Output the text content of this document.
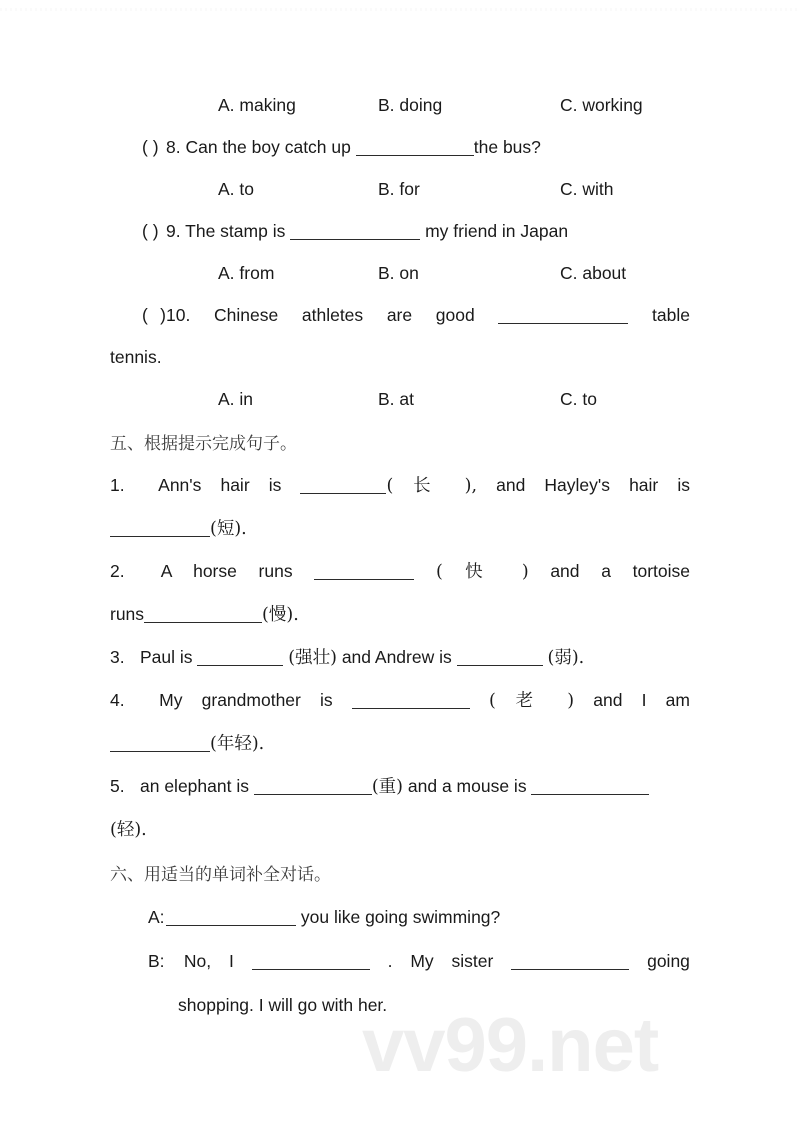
A. making	B. doing	C. working
( ) 8. Can the boy catch up	the bus?
A. to	B. for	C. with
( ) 9. The stamp is	my friend in Japan
A. from	B. on	C. about
( )10. Chinese athletes are good	table
tennis.
A. in	B. at	C. to
五、根据提示完成句子。
1. Ann's hair is	( 长 ), and Hayley's hair is
(短).
2. A horse runs	( 快 ) and a tortoise
runs	(慢).
3. Paul is	(强壮) and Andrew is	(弱).
4. My grandmother is	( 老 ) and I am
(年轻).
5. an elephant is	(重) and a mouse is
(轻).
六、用适当的单词补全对话。
A:	you like going swimming?
B: No, I	. My sister	going
shopping. I will go with her.
vv99.net
